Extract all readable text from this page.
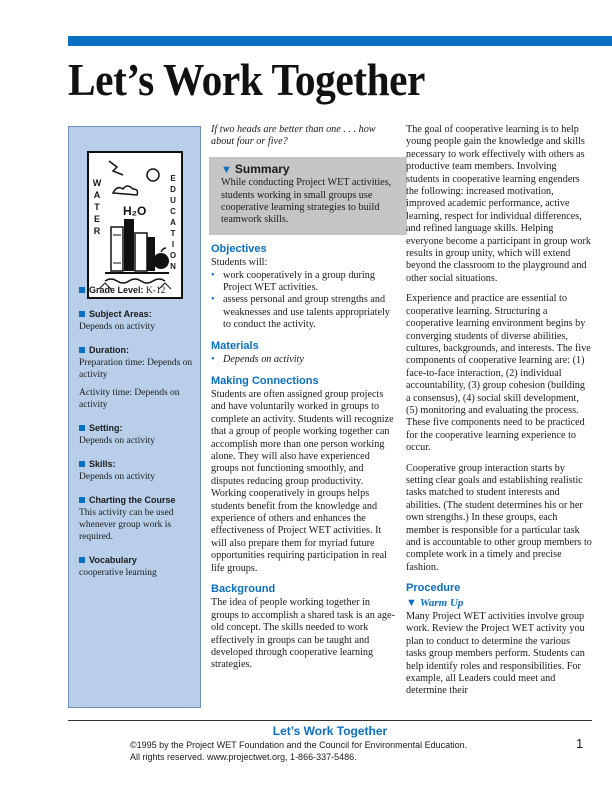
Let’s Work Together
H₂O
W
A
T
E
R
E
D
U
C
A
T
I
O
N
Grade Level: K-12
Subject Areas:
Depends on activity
Duration:

Preparation time: Depends on activity
Activity time: Depends on activity
Setting:
Depends on activity
Skills:
Depends on activity
Charting the Course
This activity can be used whenever group work is required.
Vocabulary
cooperative learning

If two heads are better than one . . . how about four or five?

▼ Summary
While conducting Project WET activities, students working in small groups use cooperative learning strategies to build teamwork skills.
Objectives
Students will:
• work cooperatively in a group during Project WET activities.
• assess personal and group strengths and weaknesses and use talents appropriately to conduct the activity.
Materials
• Depends on activity
Making Connections

Students are often assigned group projects and have voluntarily worked in groups to complete an activity. Students will recognize that a group of people working together can accomplish more than one person working alone. They will also have experienced groups not functioning smoothly, and disputes reducing group productivity. Working cooperatively in groups helps students benefit from the knowledge and experience of others and enhances the effectiveness of Project WET activities. It will also prepare them for myriad future opportunities requiring participation in real life groups.

Background

The idea of people working together in groups to accomplish a shared task is an age-old concept. The skills needed to work effectively in groups can be taught and developed through cooperative learning strategies.

The goal of cooperative learning is to help young people gain the knowledge and skills necessary to work effectively with others as productive team members. Involving students in cooperative learning engenders the following: increased motivation, improved academic performance, active learning, respect for individual differences, and refined language skills. Helping everyone become a participant in group work results in group unity, which will extend beyond the classroom to the playground and other social situations.

Experience and practice are essential to cooperative learning. Structuring a cooperative learning environment begins by converging students of diverse abilities, cultures, backgrounds, and interests. The five components of cooperative learning are: (1) face-to-face interaction, (2) individual accountability, (3) group cohesion (building a consensus), (4) social skill development, (5) monitoring and evaluating the process. These five components need to be practiced for the cooperative learning experience to occur.

Cooperative group interaction starts by setting clear goals and establishing realistic tasks matched to student interests and abilities. (The student determines his or her own strengths.) In these groups, each member is responsible for a particular task and is accountable to other group members to complete work in a timely and precise fashion.

Procedure
▼ Warm Up

Many Project WET activities involve group work. Review the Project WET activity you plan to conduct to determine the various tasks group members perform. Students can help identify roles and responsibilities. For example, all Leaders could meet and determine their

Let’s Work Together
©1995 by the Project WET Foundation and the Council for Environmental Education.
All rights reserved. www.projectwet.org, 1-866-337-5486.
1
